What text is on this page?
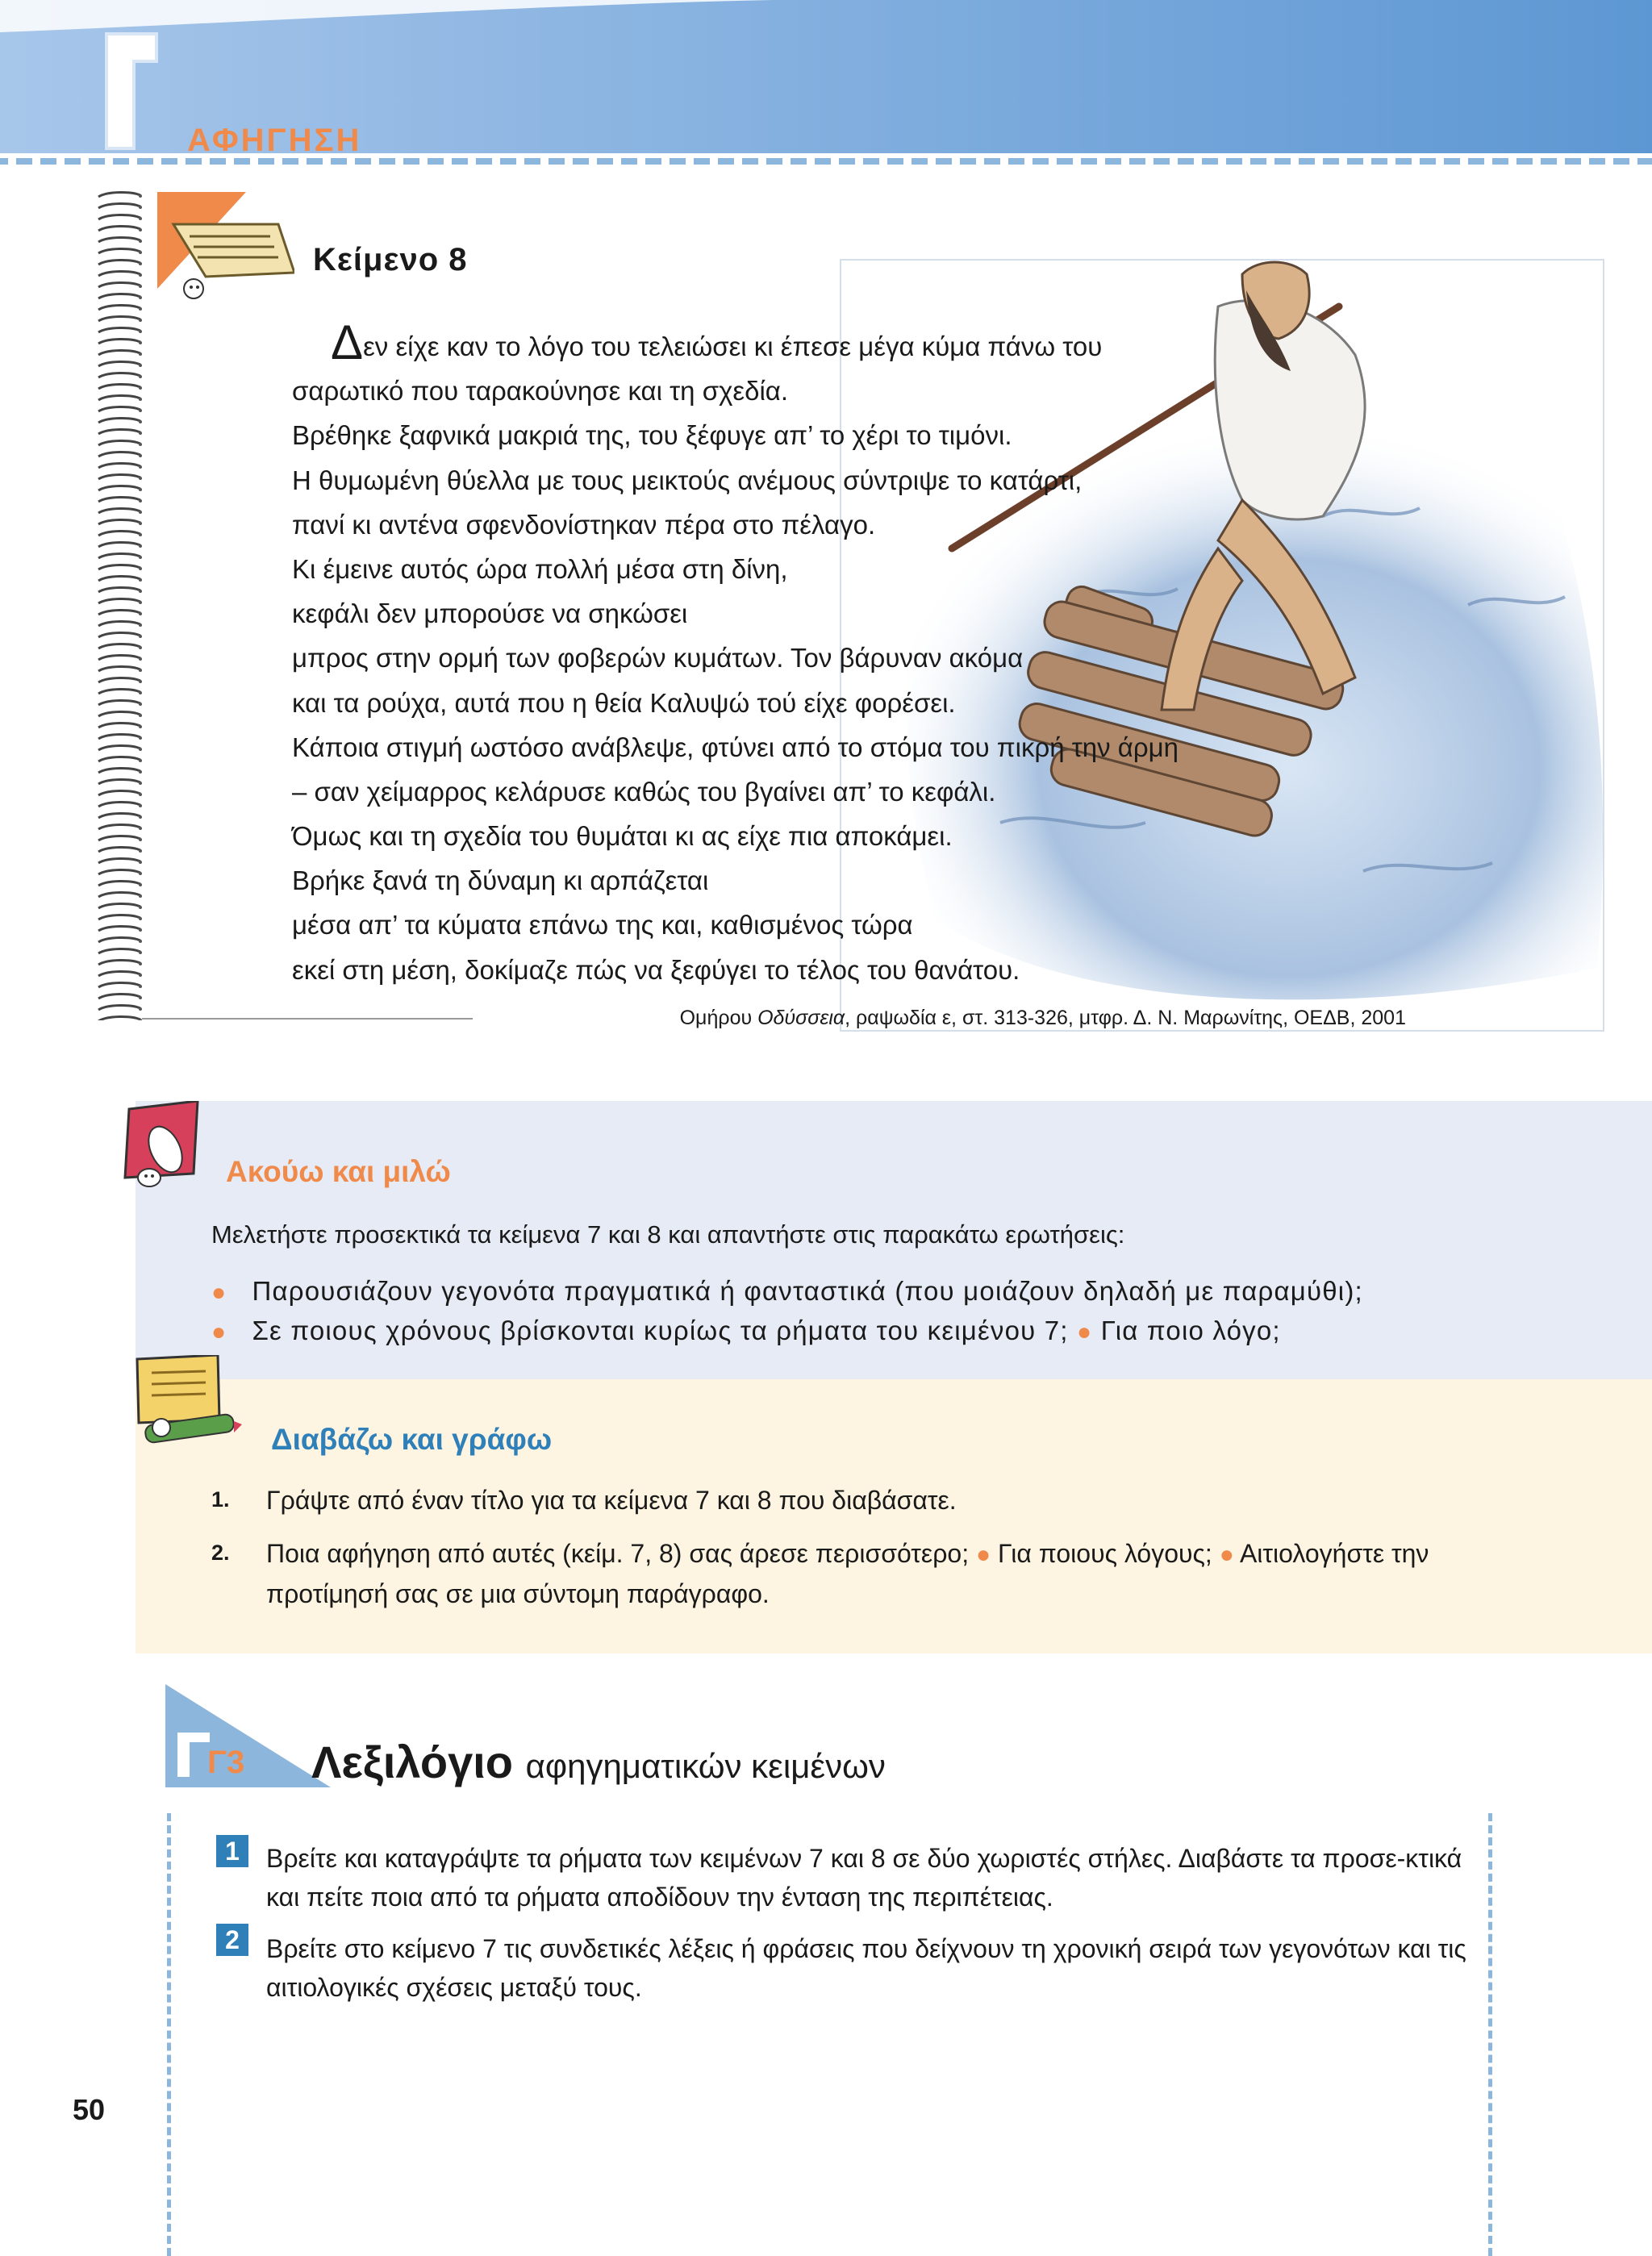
ΑΦΗΓΗΣΗ
Κείμενο 8
Δεν είχε καν το λόγο του τελειώσει κι έπεσε μέγα κύμα πάνω του
σαρωτικό που ταρακούνησε και τη σχεδία.
Βρέθηκε ξαφνικά μακριά της, του ξέφυγε απ’ το χέρι το τιμόνι.
Η θυμωμένη θύελλα με τους μεικτούς ανέμους σύντριψε το κατάρτι,
πανί κι αντένα σφενδονίστηκαν πέρα στο πέλαγο.
Κι έμεινε αυτός ώρα πολλή μέσα στη δίνη,
κεφάλι δεν μπορούσε να σηκώσει
μπρος στην ορμή των φοβερών κυμάτων. Τον βάρυναν ακόμα
και τα ρούχα, αυτά που η θεία Καλυψώ τού είχε φορέσει.
Κάποια στιγμή ωστόσο ανάβλεψε, φτύνει από το στόμα του πικρή την άρμη
– σαν χείμαρρος κελάρυσε καθώς του βγαίνει απ’ το κεφάλι.
Όμως και τη σχεδία του θυμάται κι ας είχε πια αποκάμει.
Βρήκε ξανά τη δύναμη κι αρπάζεται
μέσα απ’ τα κύματα επάνω της και, καθισμένος τώρα
εκεί στη μέση, δοκίμαζε πώς να ξεφύγει το τέλος του θανάτου.
Ομήρου Οδύσσεια, ραψωδία ε, στ. 313-326, μτφρ. Δ. Ν. Μαρωνίτης, ΟΕΔΒ, 2001
Ακούω και μιλώ
Μελετήστε προσεκτικά τα κείμενα 7 και 8 και απαντήστε στις παρακάτω ερωτήσεις:
● Παρουσιάζουν γεγονότα πραγματικά ή φανταστικά (που μοιάζουν δηλαδή με παραμύθι);
● Σε ποιους χρόνους βρίσκονται κυρίως τα ρήματα του κειμένου 7; ● Για ποιο λόγο;
Διαβάζω και γράφω
1. Γράψτε από έναν τίτλο για τα κείμενα 7 και 8 που διαβάσατε.
2. Ποια αφήγηση από αυτές (κείμ. 7, 8) σας άρεσε περισσότερο; ● Για ποιους λόγους; ● Αιτιολογήστε την προτίμησή σας σε μια σύντομη παράγραφο.
Γ3 Λεξιλόγιο αφηγηματικών κειμένων
1	Βρείτε και καταγράψτε τα ρήματα των κειμένων 7 και 8 σε δύο χωριστές στήλες. Διαβάστε τα προσε-κτικά και πείτε ποια από τα ρήματα αποδίδουν την ένταση της περιπέτειας.
2	Βρείτε στο κείμενο 7 τις συνδετικές λέξεις ή φράσεις που δείχνουν τη χρονική σειρά των γεγονότων και τις αιτιολογικές σχέσεις μεταξύ τους.
50
